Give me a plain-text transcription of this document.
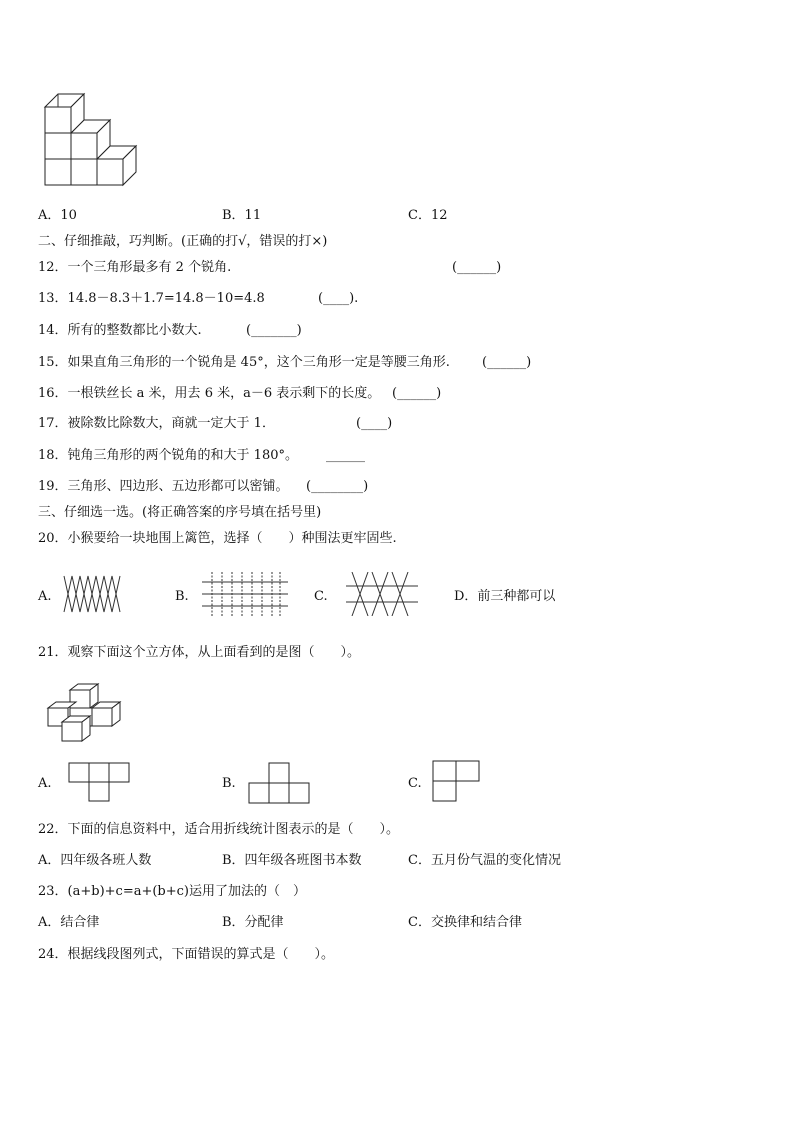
A．10	B．11	C．12
二、仔细推敲，巧判断。(正确的打√，错误的打×)
12．一个三角形最多有 2 个锐角.	(______)
13．14.8－8.3＋1.7=14.8－10=4.8	(____).
14．所有的整数都比小数大.	(_______)
15．如果直角三角形的一个锐角是 45°，这个三角形一定是等腰三角形. (______)
16．一根铁丝长 a 米，用去 6 米，a－6 表示剩下的长度。 (______)
17．被除数比除数大，商就一定大于 1．	(____)
18．钝角三角形的两个锐角的和大于 180°。 ______
19．三角形、四边形、五边形都可以密铺。 (________)
三、仔细选一选。(将正确答案的序号填在括号里)
20．小猴要给一块地围上篱笆，选择（　　）种围法更牢固些.
A.	B.	C.	D．前三种都可以
21．观察下面这个立方体，从上面看到的是图（　　）。
A.	B.	C.
22．下面的信息资料中，适合用折线统计图表示的是（　　）。
A．四年级各班人数	B．四年级各班图书本数	C．五月份气温的变化情况
23．(a+b)+c=a+(b+c)运用了加法的（　）
A．结合律	B．分配律	C．交换律和结合律
24．根据线段图列式，下面错误的算式是（　　）。
